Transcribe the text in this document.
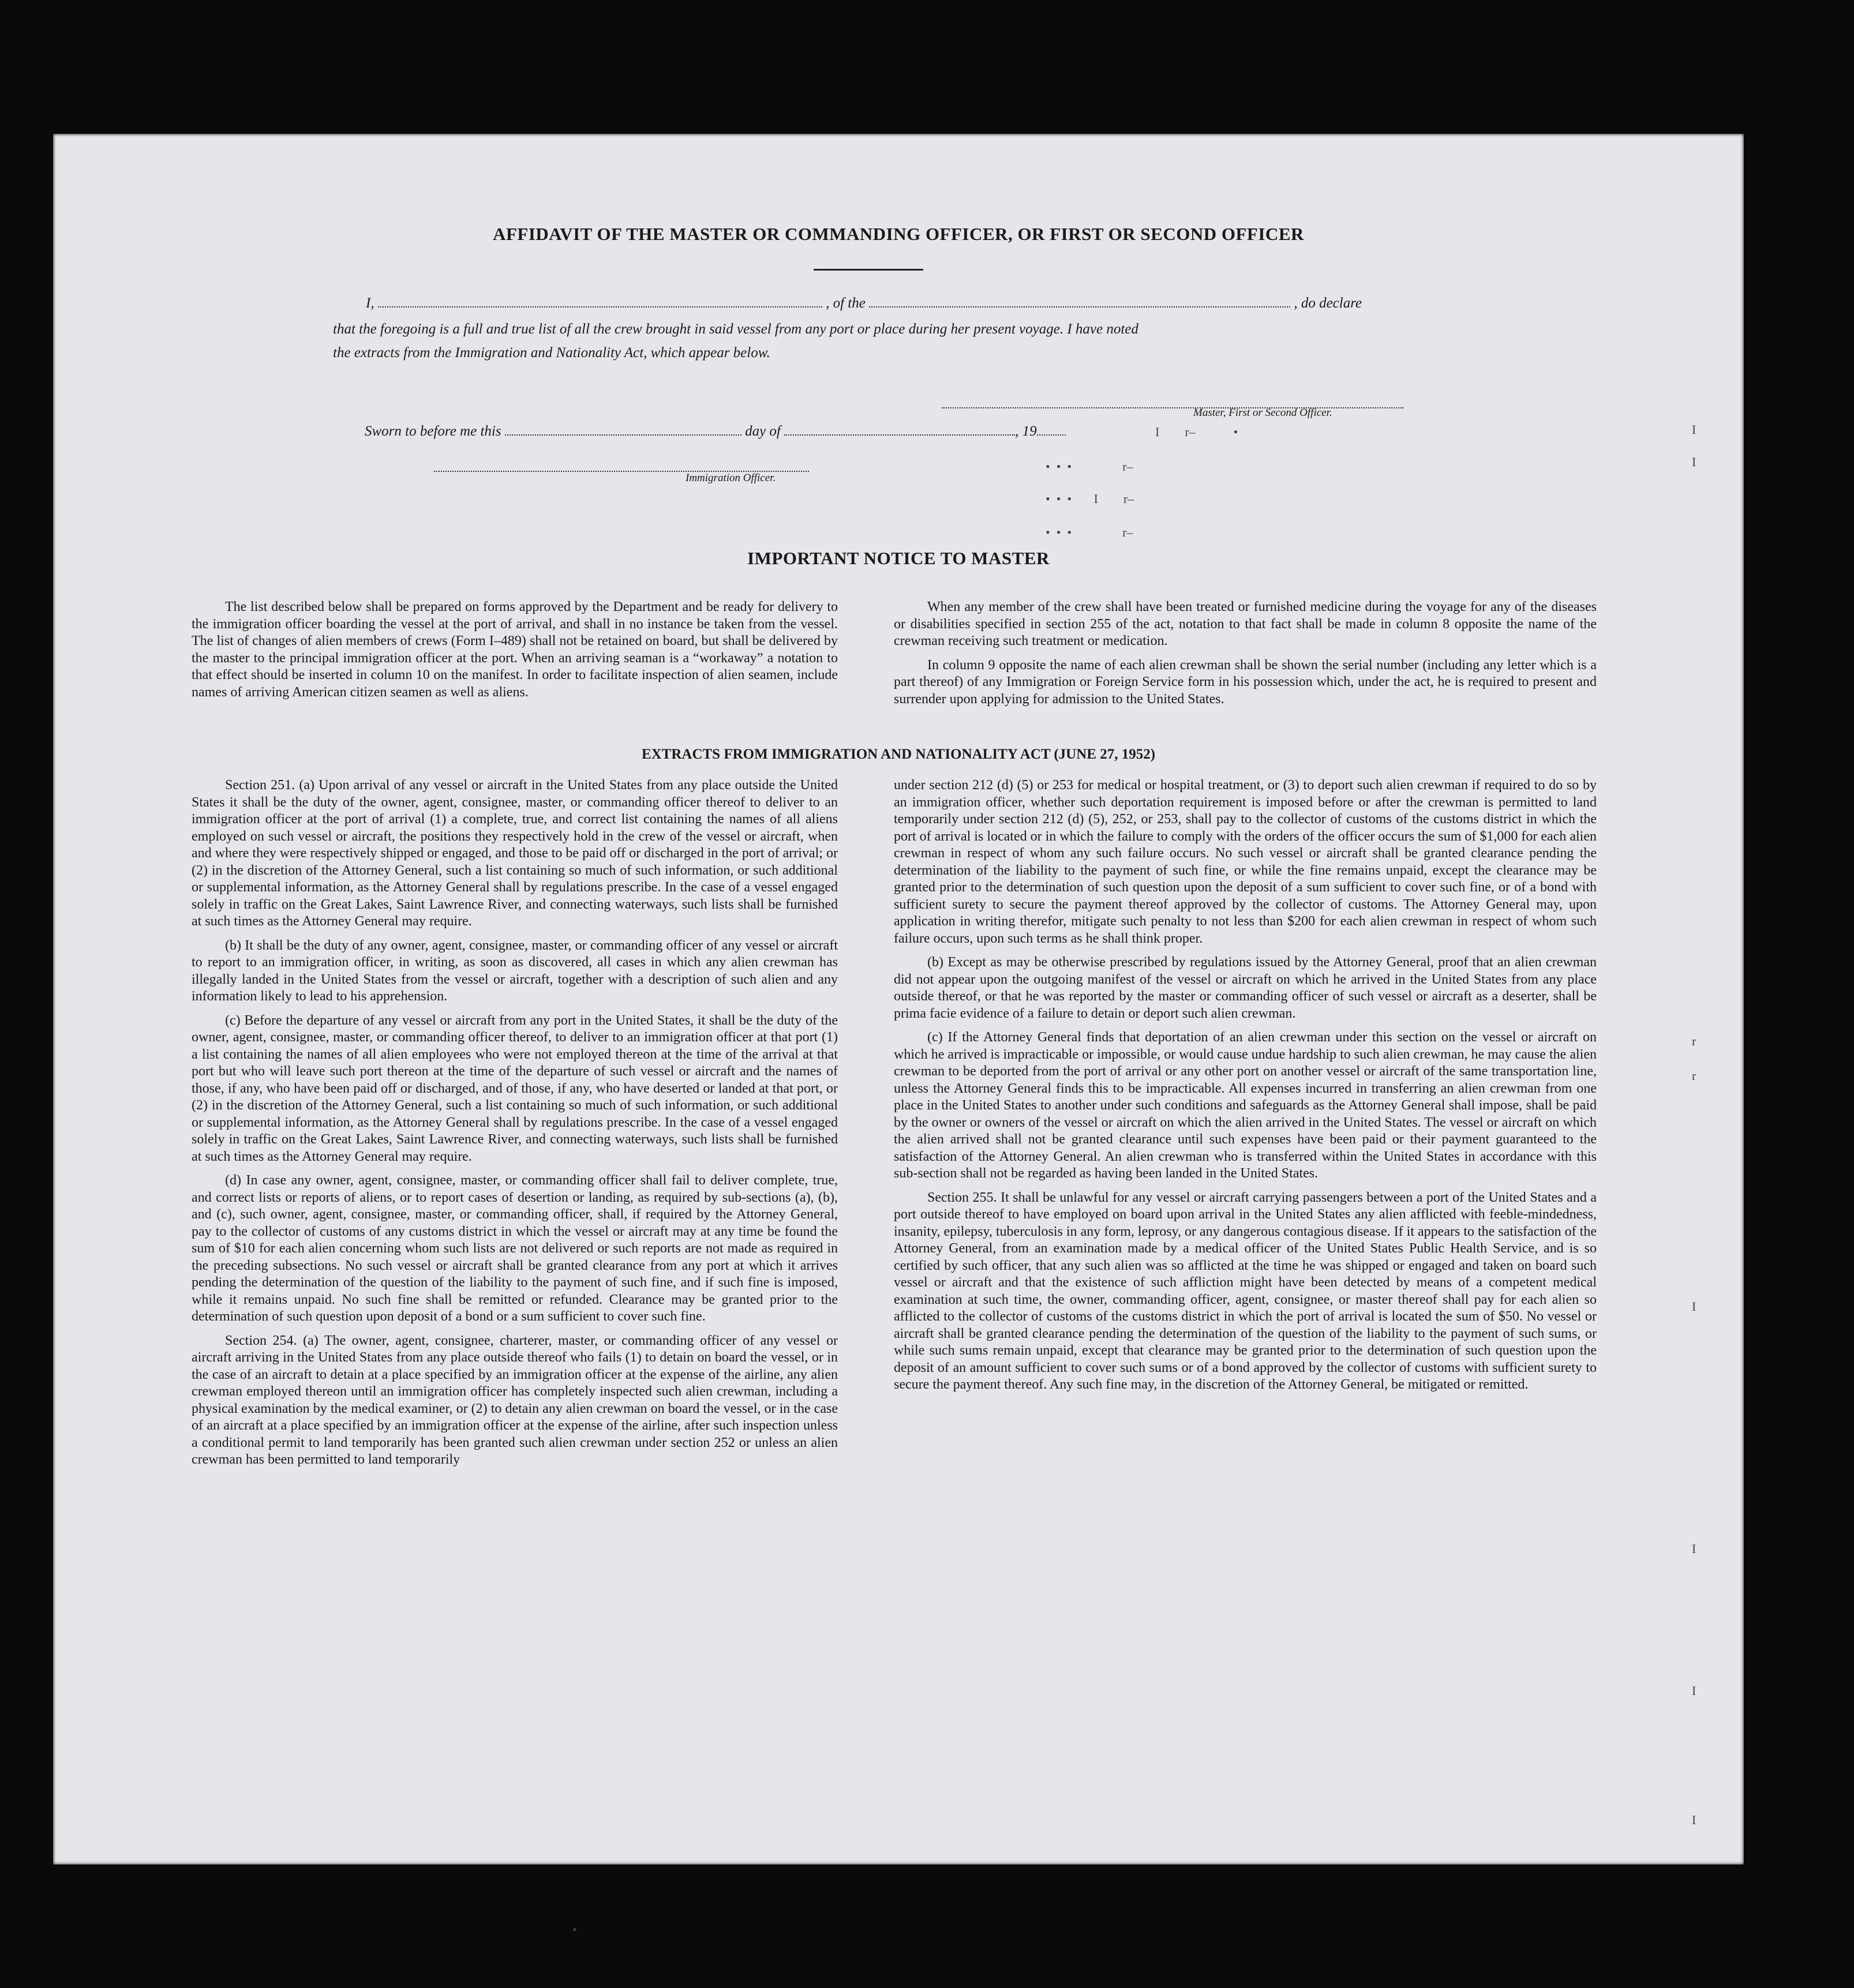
AFFIDAVIT OF THE MASTER OR COMMANDING OFFICER, OR FIRST OR SECOND OFFICER
I,	, of the	, do declare
that the foregoing is a full and true list of all the crew brought in said vessel from any port or place during her present voyage. I have noted
the extracts from the Immigration and Nationality Act, which appear below.
Master, First or Second Officer.
Sworn to before me this	day of	, 19
Immigration Officer.
I        r–            •
•  •  •                r–
•  •  •       I        r–
•  •  •                r–
IMPORTANT NOTICE TO MASTER

The list described below shall be prepared on forms approved by the Department and be ready for delivery to the immigration officer boarding the vessel at the port of arrival, and shall in no instance be taken from the vessel. The list of changes of alien members of crews (Form I–489) shall not be retained on board, but shall be delivered by the master to the principal immigration officer at the port. When an arriving seaman is a “workaway” a notation to that effect should be inserted in column 10 on the manifest. In order to facilitate inspection of alien seamen, include names of arriving American citizen seamen as well as aliens.

When any member of the crew shall have been treated or furnished medicine during the voyage for any of the diseases or disabilities specified in section 255 of the act, notation to that fact shall be made in column 8 opposite the name of the crewman receiving such treatment or medication.

In column 9 opposite the name of each alien crewman shall be shown the serial number (including any letter which is a part thereof) of any Immigration or Foreign Service form in his possession which, under the act, he is required to present and surrender upon applying for admission to the United States.

EXTRACTS FROM IMMIGRATION AND NATIONALITY ACT (JUNE 27, 1952)

Section 251. (a) Upon arrival of any vessel or aircraft in the United States from any place outside the United States it shall be the duty of the owner, agent, consignee, master, or commanding officer thereof to deliver to an immigration officer at the port of arrival (1) a complete, true, and correct list containing the names of all aliens employed on such vessel or aircraft, the positions they respectively hold in the crew of the vessel or aircraft, when and where they were respectively shipped or engaged, and those to be paid off or discharged in the port of arrival; or (2) in the discretion of the Attorney General, such a list containing so much of such information, or such additional or supplemental information, as the Attorney General shall by regulations prescribe. In the case of a vessel engaged solely in traffic on the Great Lakes, Saint Lawrence River, and connecting waterways, such lists shall be furnished at such times as the Attorney General may require.

(b) It shall be the duty of any owner, agent, consignee, master, or commanding officer of any vessel or aircraft to report to an immigration officer, in writing, as soon as discovered, all cases in which any alien crewman has illegally landed in the United States from the vessel or aircraft, together with a description of such alien and any information likely to lead to his apprehension.

(c) Before the departure of any vessel or aircraft from any port in the United States, it shall be the duty of the owner, agent, consignee, master, or commanding officer thereof, to deliver to an immigration officer at that port (1) a list containing the names of all alien employees who were not employed thereon at the time of the arrival at that port but who will leave such port thereon at the time of the departure of such vessel or aircraft and the names of those, if any, who have been paid off or discharged, and of those, if any, who have deserted or landed at that port, or (2) in the discretion of the Attorney General, such a list containing so much of such information, or such additional or supplemental information, as the Attorney General shall by regulations prescribe. In the case of a vessel engaged solely in traffic on the Great Lakes, Saint Lawrence River, and connecting waterways, such lists shall be furnished at such times as the Attorney General may require.

(d) In case any owner, agent, consignee, master, or commanding officer shall fail to deliver complete, true, and correct lists or reports of aliens, or to report cases of desertion or landing, as required by sub-sections (a), (b), and (c), such owner, agent, consignee, master, or commanding officer, shall, if required by the Attorney General, pay to the collector of customs of any customs district in which the vessel or aircraft may at any time be found the sum of $10 for each alien concerning whom such lists are not delivered or such reports are not made as required in the preceding subsections. No such vessel or aircraft shall be granted clearance from any port at which it arrives pending the determination of the question of the liability to the payment of such fine, and if such fine is imposed, while it remains unpaid. No such fine shall be remitted or refunded. Clearance may be granted prior to the determination of such question upon deposit of a bond or a sum sufficient to cover such fine.

Section 254. (a) The owner, agent, consignee, charterer, master, or commanding officer of any vessel or aircraft arriving in the United States from any place outside thereof who fails (1) to detain on board the vessel, or in the case of an aircraft to detain at a place specified by an immigration officer at the expense of the airline, any alien crewman employed thereon until an immigration officer has completely inspected such alien crewman, including a physical examination by the medical examiner, or (2) to detain any alien crewman on board the vessel, or in the case of an aircraft at a place specified by an immigration officer at the expense of the airline, after such inspection unless a conditional permit to land temporarily has been granted such alien crewman under section 252 or unless an alien crewman has been permitted to land temporarily

under section 212 (d) (5) or 253 for medical or hospital treatment, or (3) to deport such alien crewman if required to do so by an immigration officer, whether such deportation requirement is imposed before or after the crewman is permitted to land temporarily under section 212 (d) (5), 252, or 253, shall pay to the collector of customs of the customs district in which the port of arrival is located or in which the failure to comply with the orders of the officer occurs the sum of $1,000 for each alien crewman in respect of whom any such failure occurs. No such vessel or aircraft shall be granted clearance pending the determination of the liability to the payment of such fine, or while the fine remains unpaid, except the clearance may be granted prior to the determination of such question upon the deposit of a sum sufficient to cover such fine, or of a bond with sufficient surety to secure the payment thereof approved by the collector of customs. The Attorney General may, upon application in writing therefor, mitigate such penalty to not less than $200 for each alien crewman in respect of whom such failure occurs, upon such terms as he shall think proper.

(b) Except as may be otherwise prescribed by regulations issued by the Attorney General, proof that an alien crewman did not appear upon the outgoing manifest of the vessel or aircraft on which he arrived in the United States from any place outside thereof, or that he was reported by the master or commanding officer of such vessel or aircraft as a deserter, shall be prima facie evidence of a failure to detain or deport such alien crewman.

(c) If the Attorney General finds that deportation of an alien crewman under this section on the vessel or aircraft on which he arrived is impracticable or impossible, or would cause undue hardship to such alien crewman, he may cause the alien crewman to be deported from the port of arrival or any other port on another vessel or aircraft of the same transportation line, unless the Attorney General finds this to be impracticable. All expenses incurred in transferring an alien crewman from one place in the United States to another under such conditions and safeguards as the Attorney General shall impose, shall be paid by the owner or owners of the vessel or aircraft on which the alien arrived in the United States. The vessel or aircraft on which the alien arrived shall not be granted clearance until such expenses have been paid or their payment guaranteed to the satisfaction of the Attorney General. An alien crewman who is transferred within the United States in accordance with this sub-section shall not be regarded as having been landed in the United States.

Section 255. It shall be unlawful for any vessel or aircraft carrying passengers between a port of the United States and a port outside thereof to have employed on board upon arrival in the United States any alien afflicted with feeble-mindedness, insanity, epilepsy, tuberculosis in any form, leprosy, or any dangerous contagious disease. If it appears to the satisfaction of the Attorney General, from an examination made by a medical officer of the United States Public Health Service, and is so certified by such officer, that any such alien was so afflicted at the time he was shipped or engaged and taken on board such vessel or aircraft and that the existence of such affliction might have been detected by means of a competent medical examination at such time, the owner, commanding officer, agent, consignee, or master thereof shall pay for each alien so afflicted to the collector of customs of the customs district in which the port of arrival is located the sum of $50. No vessel or aircraft shall be granted clearance pending the determination of the question of the liability to the payment of such sums, or while such sums remain unpaid, except that clearance may be granted prior to the determination of such question upon the deposit of an amount sufficient to cover such sums or of a bond approved by the collector of customs with sufficient surety to secure the payment thereof. Any such fine may, in the discretion of the Attorney General, be mitigated or remitted.

I
I
r
r
I
I
I
I
•
